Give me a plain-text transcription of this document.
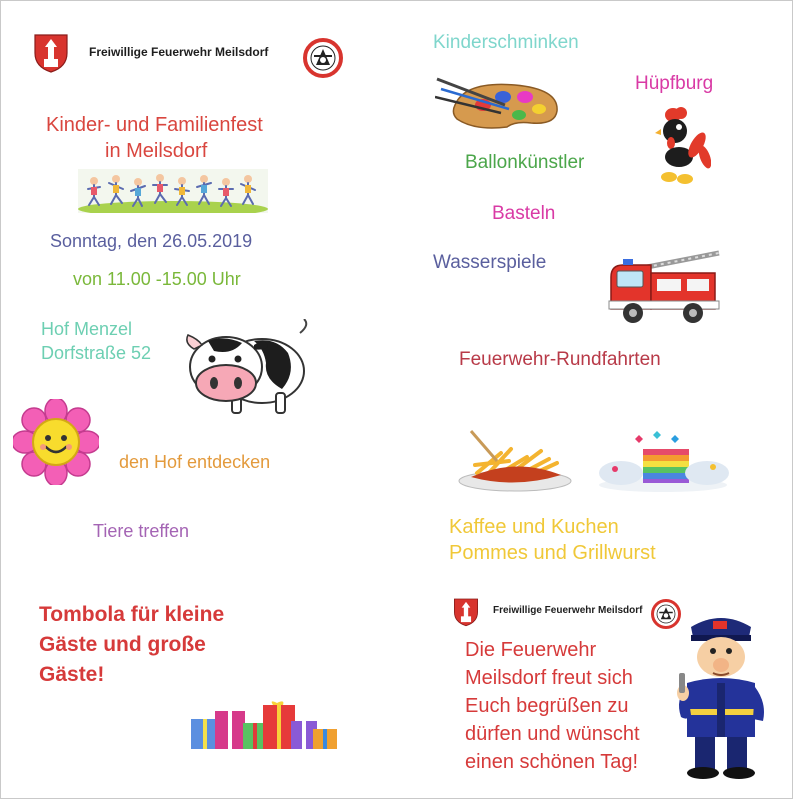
Freiwillige Feuerwehr Meilsdorf
Kinder- und Familienfest
in Meilsdorf
Sonntag, den 26.05.2019
von 11.00 -15.00 Uhr
Hof Menzel
Dorfstraße 52
den Hof entdecken
Tiere treffen
Tombola für kleine
Gäste und große
Gäste!
Kinderschminken
Hüpfburg
Ballonkünstler
Basteln
Wasserspiele
Feuerwehr-Rundfahrten
Kaffee und Kuchen
Pommes und Grillwurst
Freiwillige Feuerwehr Meilsdorf
Die Feuerwehr
Meilsdorf freut sich
Euch begrüßen zu
dürfen und wünscht
einen schönen Tag!
